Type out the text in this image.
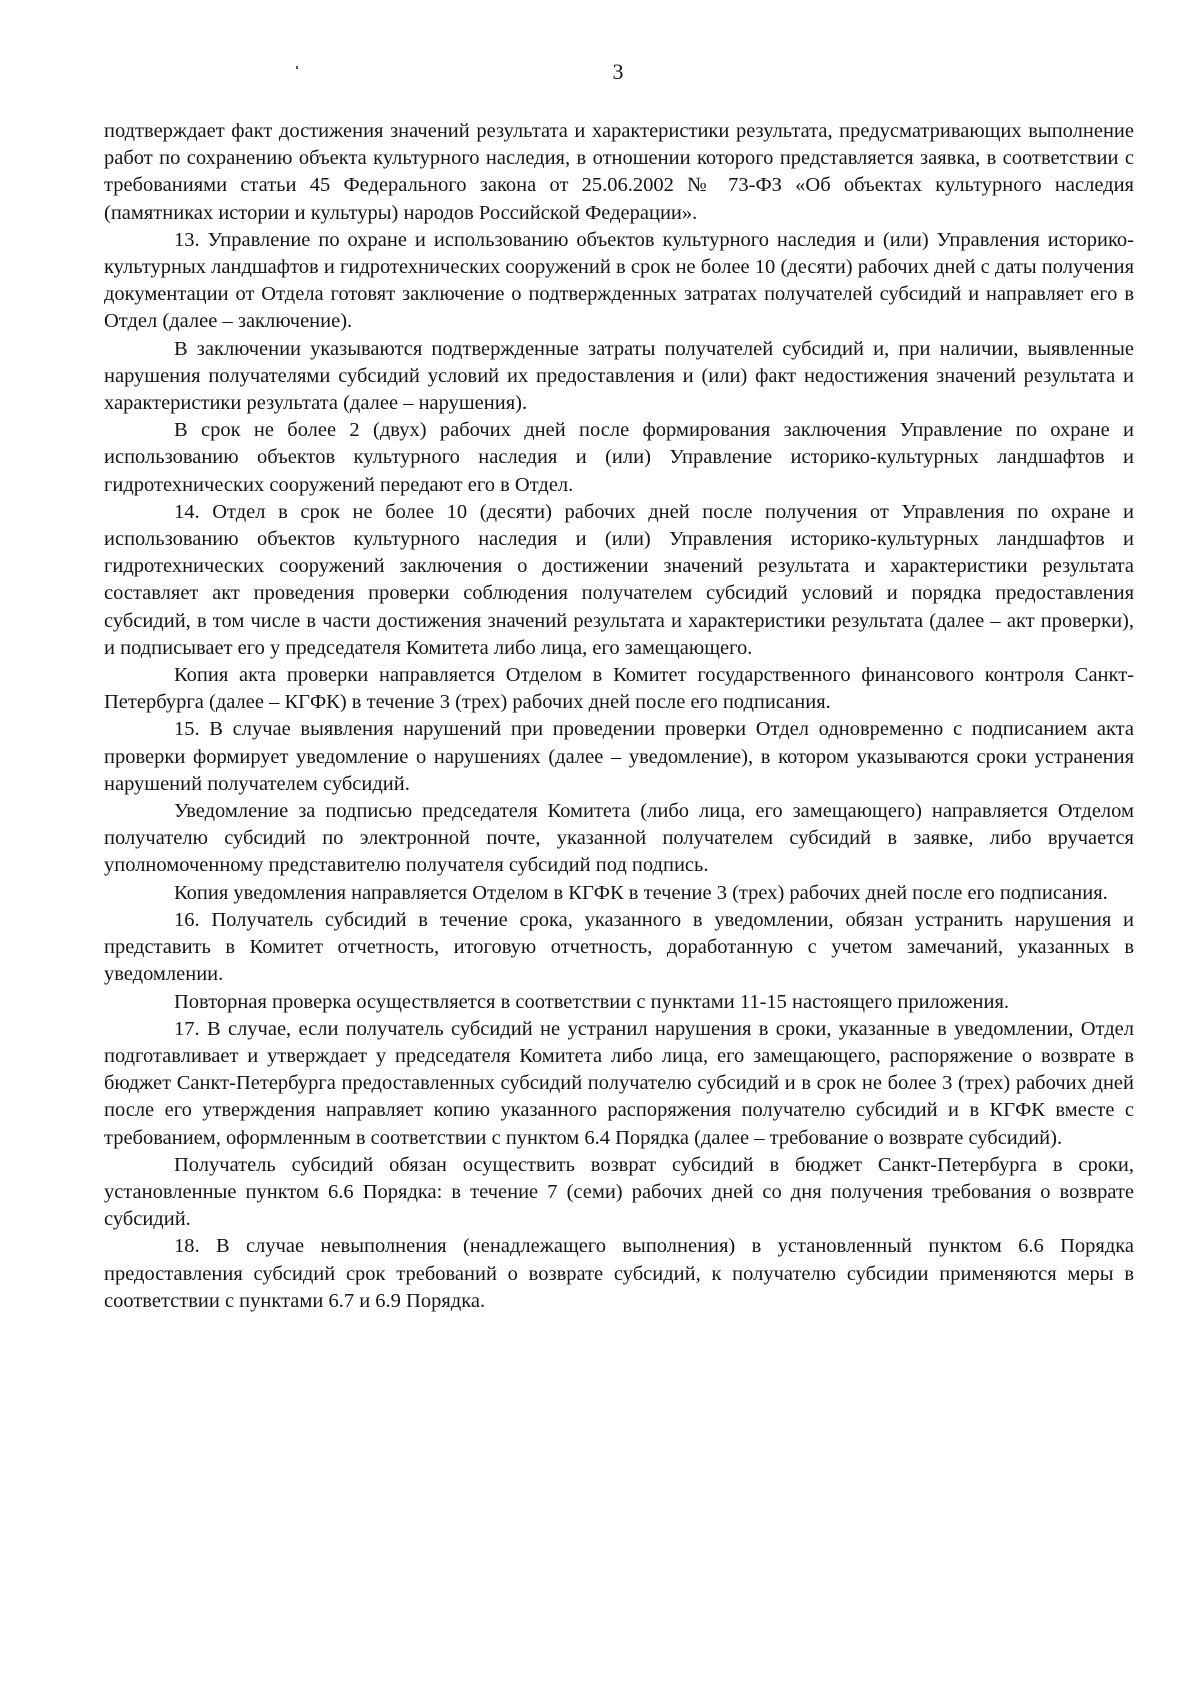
3

подтверждает факт достижения значений результата и характеристики результата, предусматривающих выполнение работ по сохранению объекта культурного наследия, в отношении которого представляется заявка, в соответствии с требованиями статьи 45 Федерального закона от 25.06.2002 № 73-ФЗ «Об объектах культурного наследия (памятниках истории и культуры) народов Российской Федерации».

13. Управление по охране и использованию объектов культурного наследия и (или) Управления историко-культурных ландшафтов и гидротехнических сооружений в срок не более 10 (десяти) рабочих дней с даты получения документации от Отдела готовят заключение о подтвержденных затратах получателей субсидий и направляет его в Отдел (далее – заключение).

В заключении указываются подтвержденные затраты получателей субсидий и, при наличии, выявленные нарушения получателями субсидий условий их предоставления и (или) факт недостижения значений результата и характеристики результата (далее – нарушения).

В срок не более 2 (двух) рабочих дней после формирования заключения Управление по охране и использованию объектов культурного наследия и (или) Управление историко-культурных ландшафтов и гидротехнических сооружений передают его в Отдел.

14. Отдел в срок не более 10 (десяти) рабочих дней после получения от Управления по охране и использованию объектов культурного наследия и (или) Управления историко-культурных ландшафтов и гидротехнических сооружений заключения о достижении значений результата и характеристики результата составляет акт проведения проверки соблюдения получателем субсидий условий и порядка предоставления субсидий, в том числе в части достижения значений результата и характеристики результата (далее – акт проверки), и подписывает его у председателя Комитета либо лица, его замещающего.

Копия акта проверки направляется Отделом в Комитет государственного финансового контроля Санкт-Петербурга (далее – КГФК) в течение 3 (трех) рабочих дней после его подписания.

15. В случае выявления нарушений при проведении проверки Отдел одновременно с подписанием акта проверки формирует уведомление о нарушениях (далее – уведомление), в котором указываются сроки устранения нарушений получателем субсидий.

Уведомление за подписью председателя Комитета (либо лица, его замещающего) направляется Отделом получателю субсидий по электронной почте, указанной получателем субсидий в заявке, либо вручается уполномоченному представителю получателя субсидий под подпись.

Копия уведомления направляется Отделом в КГФК в течение 3 (трех) рабочих дней после его подписания.

16. Получатель субсидий в течение срока, указанного в уведомлении, обязан устранить нарушения и представить в Комитет отчетность, итоговую отчетность, доработанную с учетом замечаний, указанных в уведомлении.

Повторная проверка осуществляется в соответствии с пунктами 11-15 настоящего приложения.

17. В случае, если получатель субсидий не устранил нарушения в сроки, указанные в уведомлении, Отдел подготавливает и утверждает у председателя Комитета либо лица, его замещающего, распоряжение о возврате в бюджет Санкт-Петербурга предоставленных субсидий получателю субсидий и в срок не более 3 (трех) рабочих дней после его утверждения направляет копию указанного распоряжения получателю субсидий и в КГФК вместе с требованием, оформленным в соответствии с пунктом 6.4 Порядка (далее – требование о возврате субсидий).

Получатель субсидий обязан осуществить возврат субсидий в бюджет Санкт-Петербурга в сроки, установленные пунктом 6.6 Порядка: в течение 7 (семи) рабочих дней со дня получения требования о возврате субсидий.

18. В случае невыполнения (ненадлежащего выполнения) в установленный пунктом 6.6 Порядка предоставления субсидий срок требований о возврате субсидий, к получателю субсидии применяются меры в соответствии с пунктами 6.7 и 6.9 Порядка.
